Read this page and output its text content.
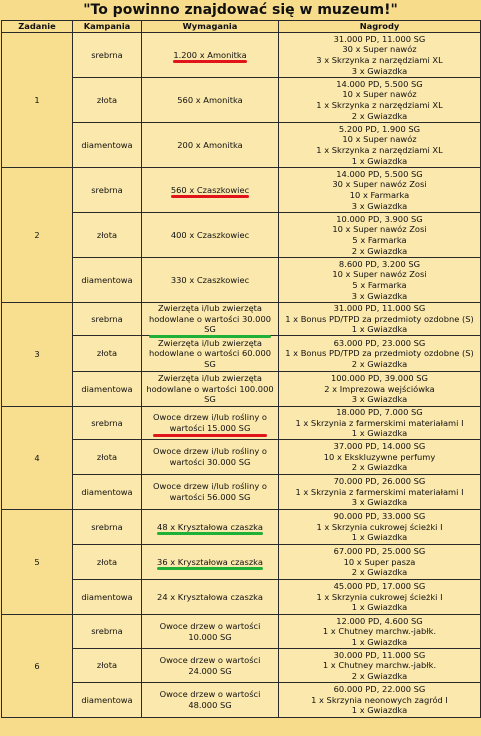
"To powinno znajdować się w muzeum!"
Zadanie	Kampania	Wymagania	Nagrody
1	srebrna	1.200 x Amonitka	31.000 PD, 11.000 SG
30 x Super nawóz
3 x Skrzynka z narzędziami XL
3 x Gwiazdka

	złota	560 x Amonitka	14.000 PD, 5.500 SG
10 x Super nawóz
1 x Skrzynka z narzędziami XL
2 x Gwiazdka

	diamentowa	200 x Amonitka	5.200 PD, 1.900 SG
10 x Super nawóz
1 x Skrzynka z narzędziami XL
1 x Gwiazdka

2	srebrna	560 x Czaszkowiec	14.000 PD, 5.500 SG
30 x Super nawóz Zosi
10 x Farmarka
3 x Gwiazdka

	złota	400 x Czaszkowiec	10.000 PD, 3.900 SG
10 x Super nawóz Zosi
5 x Farmarka
2 x Gwiazdka

	diamentowa	330 x Czaszkowiec	8.600 PD, 3.200 SG
10 x Super nawóz Zosi
5 x Farmarka
3 x Gwiazdka

3	srebrna	Zwierzęta i/lub zwierzęta
hodowlane o wartości 30.000
SG	31.000 PD, 11.000 SG
1 x Bonus PD/TPD za przedmioty ozdobne (S)
1 x Gwiazdka

	złota	Zwierzęta i/lub zwierzęta
hodowlane o wartości 60.000
SG	63.000 PD, 23.000 SG
1 x Bonus PD/TPD za przedmioty ozdobne (S)
2 x Gwiazdka

	diamentowa	Zwierzęta i/lub zwierzęta
hodowlane o wartości 100.000
SG	100.000 PD, 39.000 SG
2 x Imprezowa wejściówka
3 x Gwiazdka

4	srebrna	Owoce drzew i/lub rośliny o
wartości 15.000 SG	18.000 PD, 7.000 SG
1 x Skrzynia z farmerskimi materiałami I
1 x Gwiazdka

	złota	Owoce drzew i/lub rośliny o
wartości 30.000 SG	37.000 PD, 14.000 SG
10 x Ekskluzywne perfumy
2 x Gwiazdka

	diamentowa	Owoce drzew i/lub rośliny o
wartości 56.000 SG	70.000 PD, 26.000 SG
1 x Skrzynia z farmerskimi materiałami I
3 x Gwiazdka

5	srebrna	48 x Kryształowa czaszka	90.000 PD, 33.000 SG
1 x Skrzynia cukrowej ścieżki I
1 x Gwiazdka

	złota	36 x Kryształowa czaszka	67.000 PD, 25.000 SG
10 x Super pasza
2 x Gwiazdka

	diamentowa	24 x Kryształowa czaszka	45.000 PD, 17.000 SG
1 x Skrzynia cukrowej ścieżki I
1 x Gwiazdka

6	srebrna	Owoce drzew o wartości
10.000 SG	12.000 PD, 4.600 SG
1 x Chutney marchw.-jabłk.
1 x Gwiazdka

	złota	Owoce drzew o wartości
24.000 SG	30.000 PD, 11.000 SG
1 x Chutney marchw.-jabłk.
2 x Gwiazdka

	diamentowa	Owoce drzew o wartości
48.000 SG	60.000 PD, 22.000 SG
1 x Skrzynia neonowych zagród I
1 x Gwiazdka
